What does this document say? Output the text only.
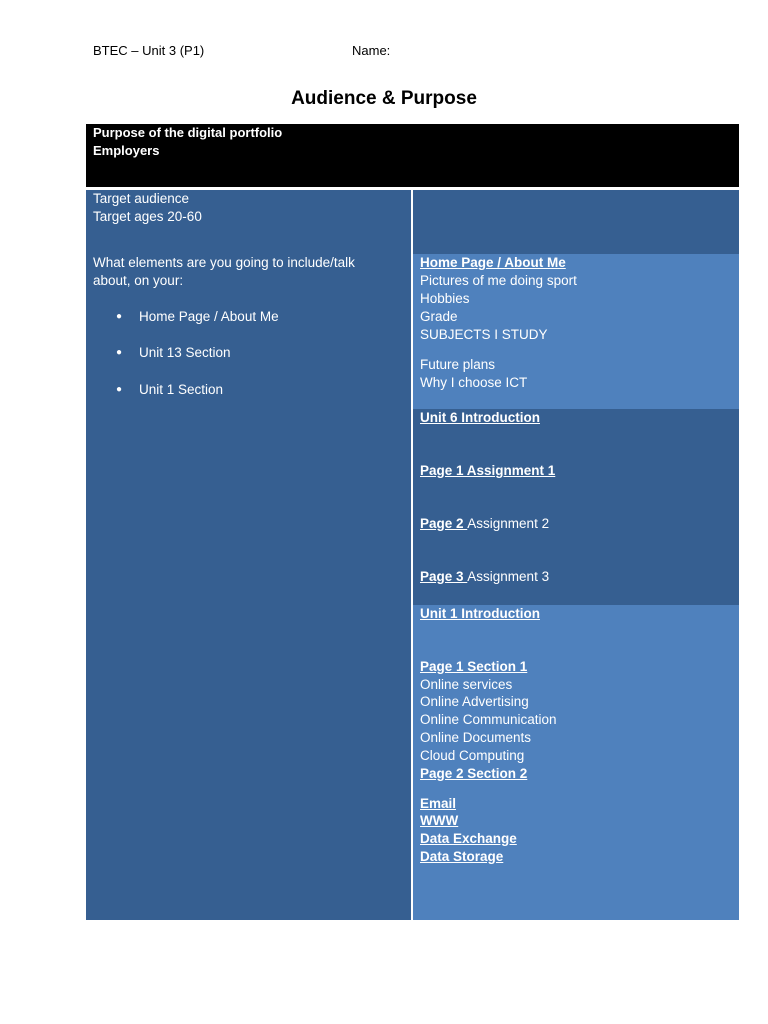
BTEC – Unit 3 (P1)	Name:
Audience & Purpose
Purpose of the digital portfolio
Employers
Target audience
Target ages 20-60
What elements are you going to include/talk
about, on your:
● Home Page / About Me
● Unit 13 Section
● Unit 1 Section
Home Page / About Me
Pictures of me doing sport
Hobbies
Grade
SUBJECTS I STUDY
Future plans
Why I choose ICT
Unit 6 Introduction
Page 1 Assignment 1
Page 2 Assignment 2
Page 3 Assignment 3
Unit 1 Introduction
Page 1 Section 1
Online services
Online Advertising
Online Communication
Online Documents
Cloud Computing
Page 2 Section 2
Email
WWW
Data Exchange
Data Storage
